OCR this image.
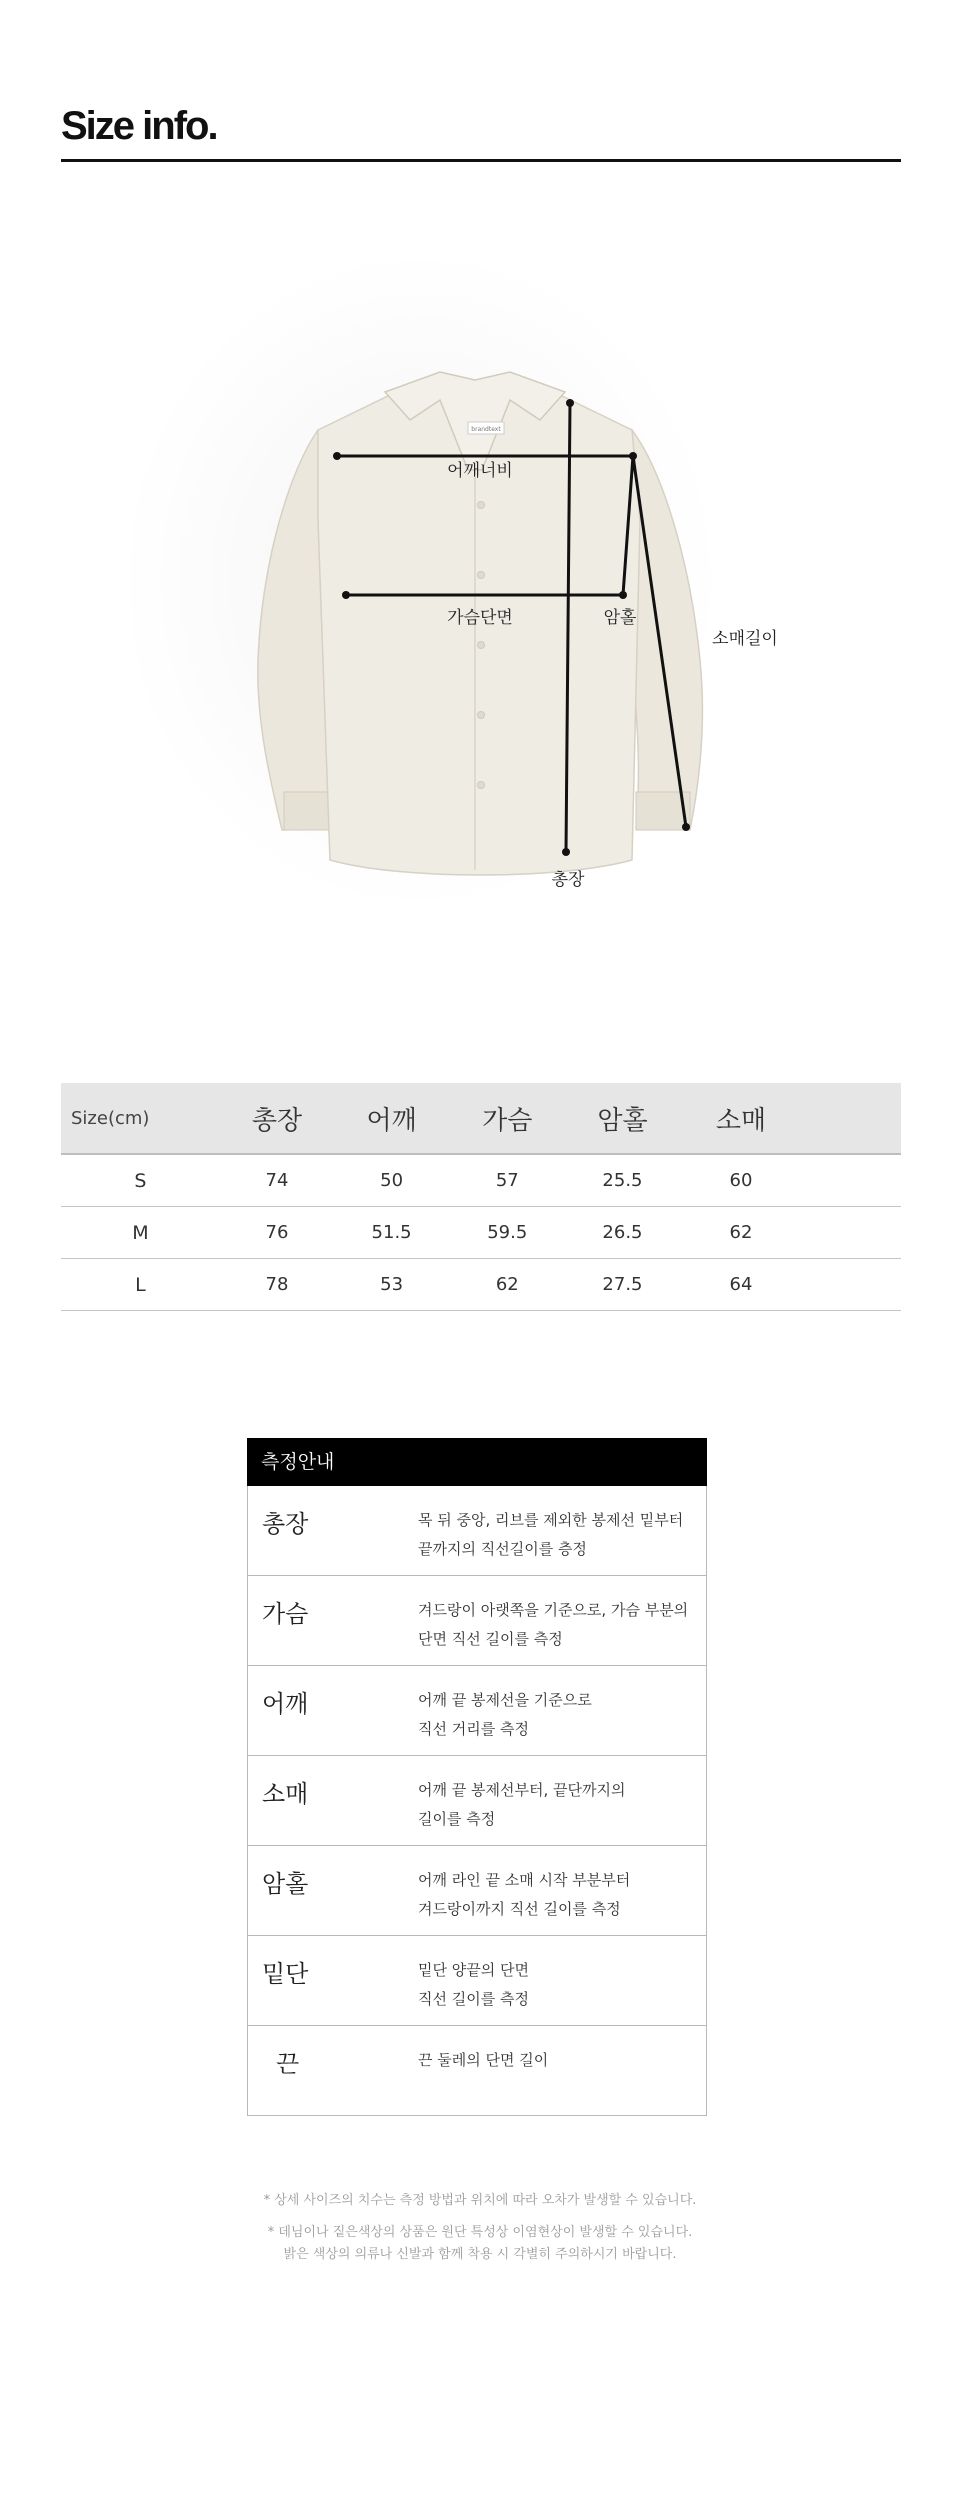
Size info.
brandtext
어깨너비
가슴단면	암홀
소매길이
총장
Size(cm)	총장	어깨	가슴	암홀	소매	
S	74	50	57	25.5	60	
M	76	51.5	59.5	26.5	62	
L	78	53	62	27.5	64	
측정안내
총장	목 뒤 중앙, 리브를 제외한 봉제선 밑부터
끝까지의 직선길이를 층정
가슴	겨드랑이 아랫쪽을 기준으로, 가슴 부분의
단면 직선 길이를 측정
어깨	어깨 끝 봉제선을 기준으로
직선 거리를 측정
소매	어깨 끝 봉제선부터, 끝단까지의
길이를 측정
암홀	어깨 라인 끝 소매 시작 부분부터
겨드랑이까지 직선 길이를 측정
밑단	밑단 양끝의 단면
직선 길이를 측정
끈	끈 둘레의 단면 길이

* 상세 사이즈의 치수는 측정 방법과 위치에 따라 오차가 발생할 수 있습니다.

* 데님이나 짙은색상의 상품은 원단 특성상 이염현상이 발생할 수 있습니다.

밝은 색상의 의류나 신발과 함께 착용 시 각별히 주의하시기 바랍니다.
